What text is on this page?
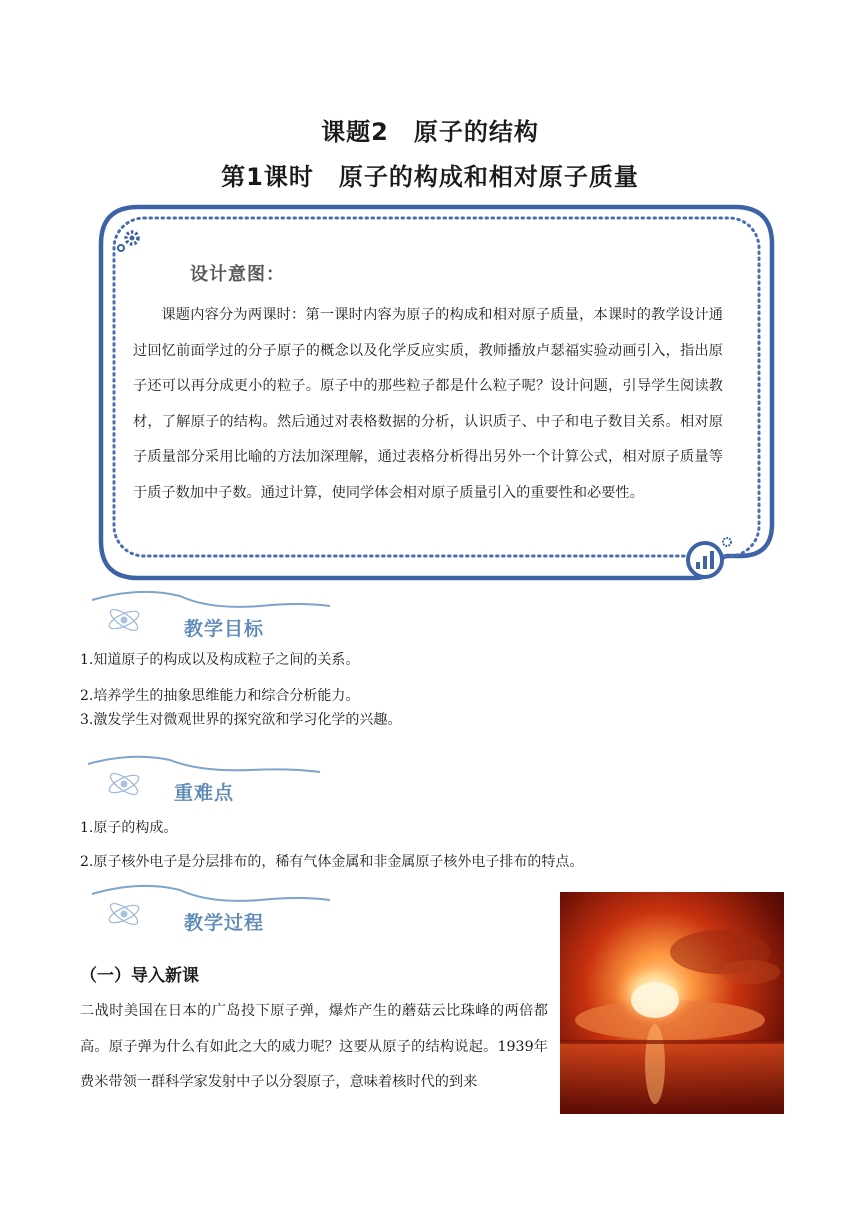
课题2　原子的结构
第1课时　原子的构成和相对原子质量
设计意图：
课题内容分为两课时：第一课时内容为原子的构成和相对原子质量，本课时的教学设计通过回忆前面学过的分子原子的概念以及化学反应实质，教师播放卢瑟福实验动画引入，指出原子还可以再分成更小的粒子。原子中的那些粒子都是什么粒子呢？设计问题，引导学生阅读教材，了解原子的结构。然后通过对表格数据的分析，认识质子、中子和电子数目关系。相对原子质量部分采用比喻的方法加深理解，通过表格分析得出另外一个计算公式，相对原子质量等于质子数加中子数。通过计算，使同学体会相对原子质量引入的重要性和必要性。
教学目标
1.知道原子的构成以及构成粒子之间的关系。
2.培养学生的抽象思维能力和综合分析能力。
3.激发学生对微观世界的探究欲和学习化学的兴趣。
重难点
1.原子的构成。
2.原子核外电子是分层排布的，稀有气体金属和非金属原子核外电子排布的特点。
教学过程
（一）导入新课
二战时美国在日本的广岛投下原子弹，爆炸产生的蘑菇云比珠峰的两倍都高。原子弹为什么有如此之大的威力呢？这要从原子的结构说起。1939年费米带领一群科学家发射中子以分裂原子，意味着核时代的到来
